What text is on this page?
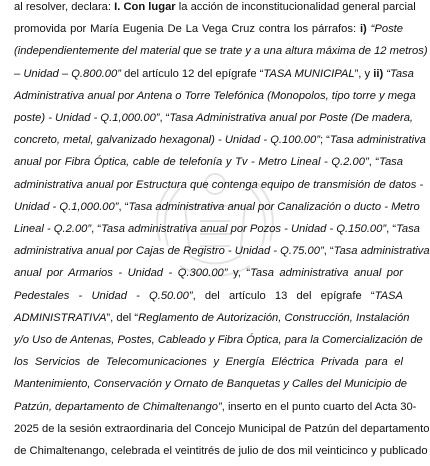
al resolver, declara: I. Con lugar la acción de inconstitucionalidad general parcial
promovida por María Eugenia De La Vega Cruz contra los párrafos: i) “Poste
(independientemente del material que se trate y a una altura máxima de 12 metros)
– Unidad – Q.800.00” del artículo 12 del epígrafe “TASA MUNICIPAL”, y ii) “Tasa
Administrativa anual por Antena o Torre Telefónica (Monopolos, tipo torre y mega
poste) - Unidad - Q.1,000.00”, “Tasa Administrativa anual por Poste (De madera,
concreto, metal, galvanizado hexagonal) - Unidad - Q.100.00”; “Tasa administrativa
anual por Fibra Óptica, cable de telefonía y Tv - Metro Lineal - Q.2.00”, “Tasa
administrativa anual por Estructura que contenga equipo de transmisión de datos -
Unidad - Q.1,000.00”, “Tasa administrativa anual por Canalización o ducto - Metro
Lineal - Q.2.00”, “Tasa administrativa anual por Pozos - Unidad - Q.150.00”, “Tasa
administrativa anual por Cajas de Registro - Unidad - Q.75.00”, “Tasa administrativa
anual por Armarios - Unidad - Q.300.00” y, “Tasa administrativa anual por
Pedestales - Unidad - Q.50.00”, del artículo 13 del epígrafe “TASA
ADMINISTRATIVA”, del “Reglamento de Autorización, Construcción, Instalación
y/o Uso de Antenas, Postes, Cableado y Fibra Óptica, para la Comercialización de
los Servicios de Telecomunicaciones y Energía Eléctrica Privada para el
Mantenimiento, Conservación y Ornato de Banquetas y Calles del Municipio de
Patzún, departamento de Chimaltenango”, inserto en el punto cuarto del Acta 30-
2025 de la sesión extraordinaria del Concejo Municipal de Patzún del departamento
de Chimaltenango, celebrada el veintitrés de julio de dos mil veinticinco y publicado
